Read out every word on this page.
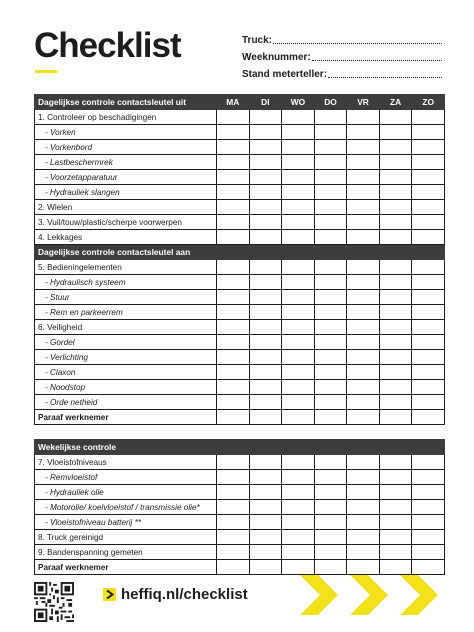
Checklist	Truck:
Weeknummer:
Stand meterteller:
Dagelijkse controle contactsleutel uit	MA	DI	WO	DO	VR	ZA	ZO
1. Controleer op beschadigingen							
- Vorken							
- Vorkenbord							
- Lastbeschermrek							
- Voorzetapparatuur							
- Hydrauliek slangen							
2. Wielen							
3. Vuil/touw/plastic/scherpe voorwerpen							
4. Lekkages							
Dagelijkse controle contactsleutel aan							
5. Bedieningelementen							
- Hydraulisch systeem							
- Stuur							
- Rem en parkeerrem							
6. Veiligheid							
- Gordel							
- Verlichting							
- Claxon							
- Noodstop							
- Orde netheid							
Paraaf werknemer							
Wekelijkse controle							
7. Vloeistofniveaus							
- Remvloeistof							
- Hydrauliek olie							
- Motorolie/ koelvloeistof / transmissie olie*							
- Vloeistofniveau batterij **							
8. Truck gereinigd							
9. Bandenspanning gemeten							
Paraaf werknemer							
heffiq.nl/checklist
